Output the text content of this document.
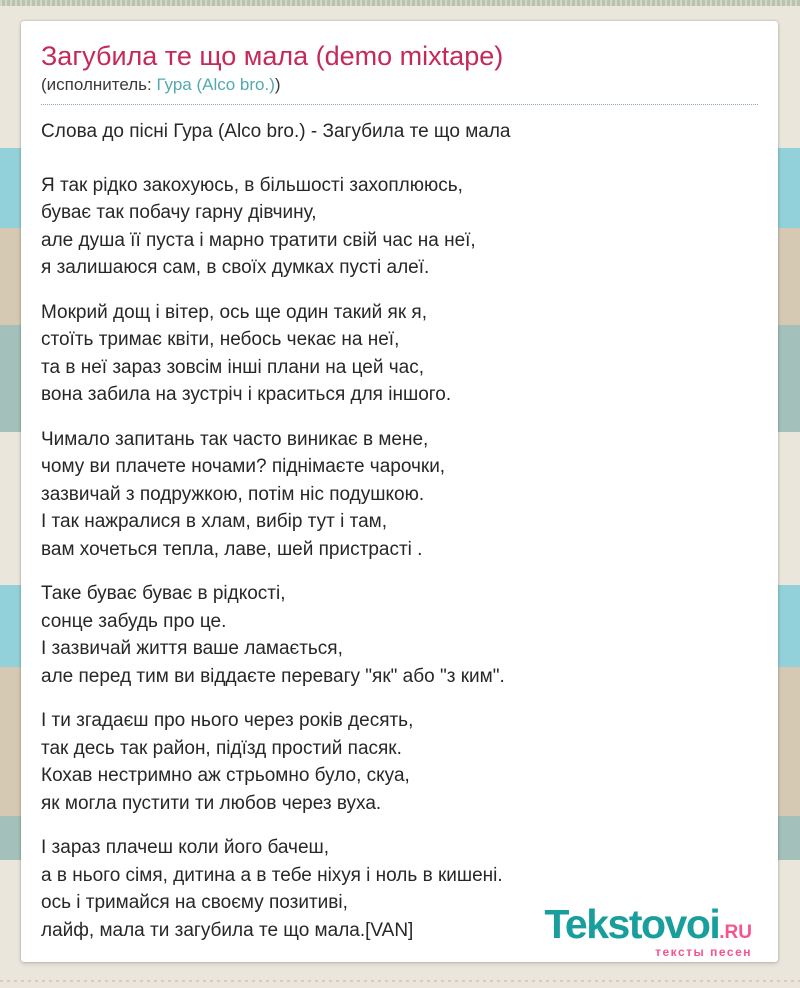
Загубила те що мала (demo mixtape)
(исполнитель: Гура (Alco bro.))

Слова до пісні Гура (Alco bro.) - Загубила те що мала

Я так рідко закохуюсь, в більшості захоплююсь,
буває так побачу гарну дівчину,
але душа її пуста і марно тратити свій час на неї,
я залишаюся сам, в своїх думках пусті алеї.

Мокрий дощ і вітер, ось ще один такий як я,
стоїть тримає квіти, небось чекає на неї,
та в неї зараз зовсім інші плани на цей час,
вона забила на зустріч і краситься для іншого.

Чимало запитань так часто виникає в мене,
чому ви плачете ночами? піднімаєте чарочки,
зазвичай з подружкою, потім ніс подушкою.
І так нажралися в хлам, вибір тут і там,
вам хочеться тепла, лаве, шей пристрасті .

Таке буває буває в рідкості,
сонце забудь про це.
І зазвичай життя ваше ламається,
але перед тим ви віддаєте перевагу "як" або "з ким".

І ти згадаєш про нього через років десять,
так десь так район, підїзд простий пасяк.
Кохав нестримно аж стрьомно було, скуа,
як могла пустити ти любов через вуха.

І зараз плачеш коли його бачеш,
а в нього сімя, дитина а в тебе ніхуя і ноль в кишені.
ось і тримайся на своєму позитиві,
лайф, мала ти загубила те що мала.[VAN]	Tekstovoi.RU
тексты песен
